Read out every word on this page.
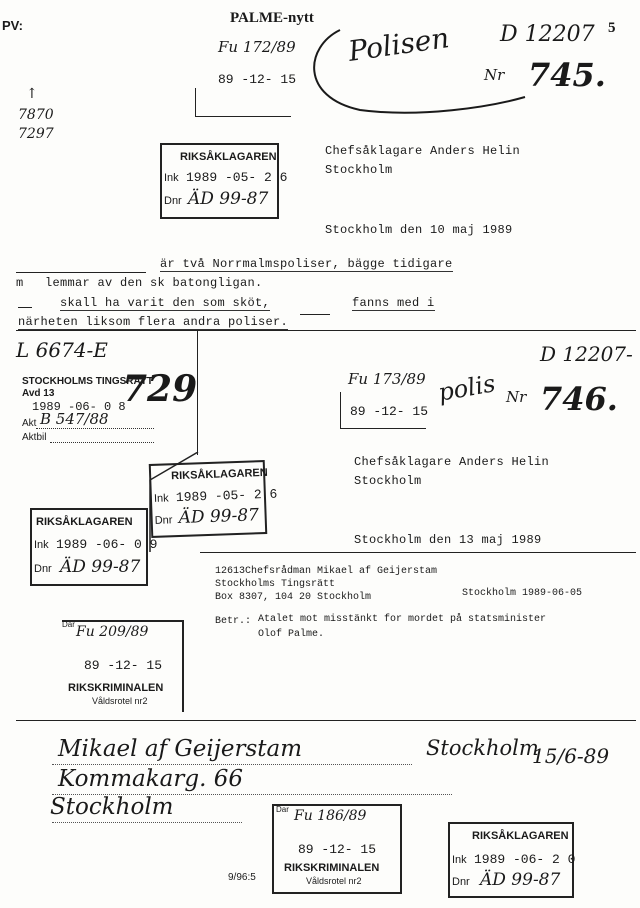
PV:	PALME-nytt
5
↑
7870
7297
D 12207
Fu 172/89
89 -12- 15
Polisen
Nr 745.
RIKSÅKLAGAREN
Ink 1989 -05- 2 6
Dnr ÄD 99-87
Chefsåklagare Anders Helin
Stockholm
Stockholm den 10 maj 1989
är två Norrmalmspoliser, bägge tidigare
m lemmar av den sk batongligan.
skall ha varit den som sköt,	fanns med i
närheten liksom flera andra poliser.
L 6674-E
STOCKHOLMS TINGSRÄTT
Avd 13
1989 -06- 0 8
Akt B 547/88
Aktbil
729
D 12207-
Fu 173/89
89 -12- 15
polis Nr 746.
RIKSÅKLAGAREN
Ink 1989 -05- 2 6
Dnr ÄD 99-87
Chefsåklagare Anders Helin
Stockholm
Stockholm den 13 maj 1989
RIKSÅKLAGAREN
Ink 1989 -06- 0 9
Dnr ÄD 99-87	12613Chefsrådman Mikael af Geijerstam
Stockholms Tingsrätt
Box 8307, 104 20 Stockholm	Stockholm 1989-06-05
Betr.: Atalet mot misstänkt for mordet på statsminister
Olof Palme.
Dar Fu 209/89
89 -12- 15
RIKSKRIMINALEN
Våldsrotel nr2
Mikael af Geijerstam
Kommakarg. 66
Stockholm
Stockholm
15/6-89
Dar Fu 186/89
89 -12- 15
RIKSKRIMINALEN
Våldsrotel nr2
RIKSÅKLAGAREN
Ink 1989 -06- 2 0
Dnr ÄD 99-87
9/96:5
